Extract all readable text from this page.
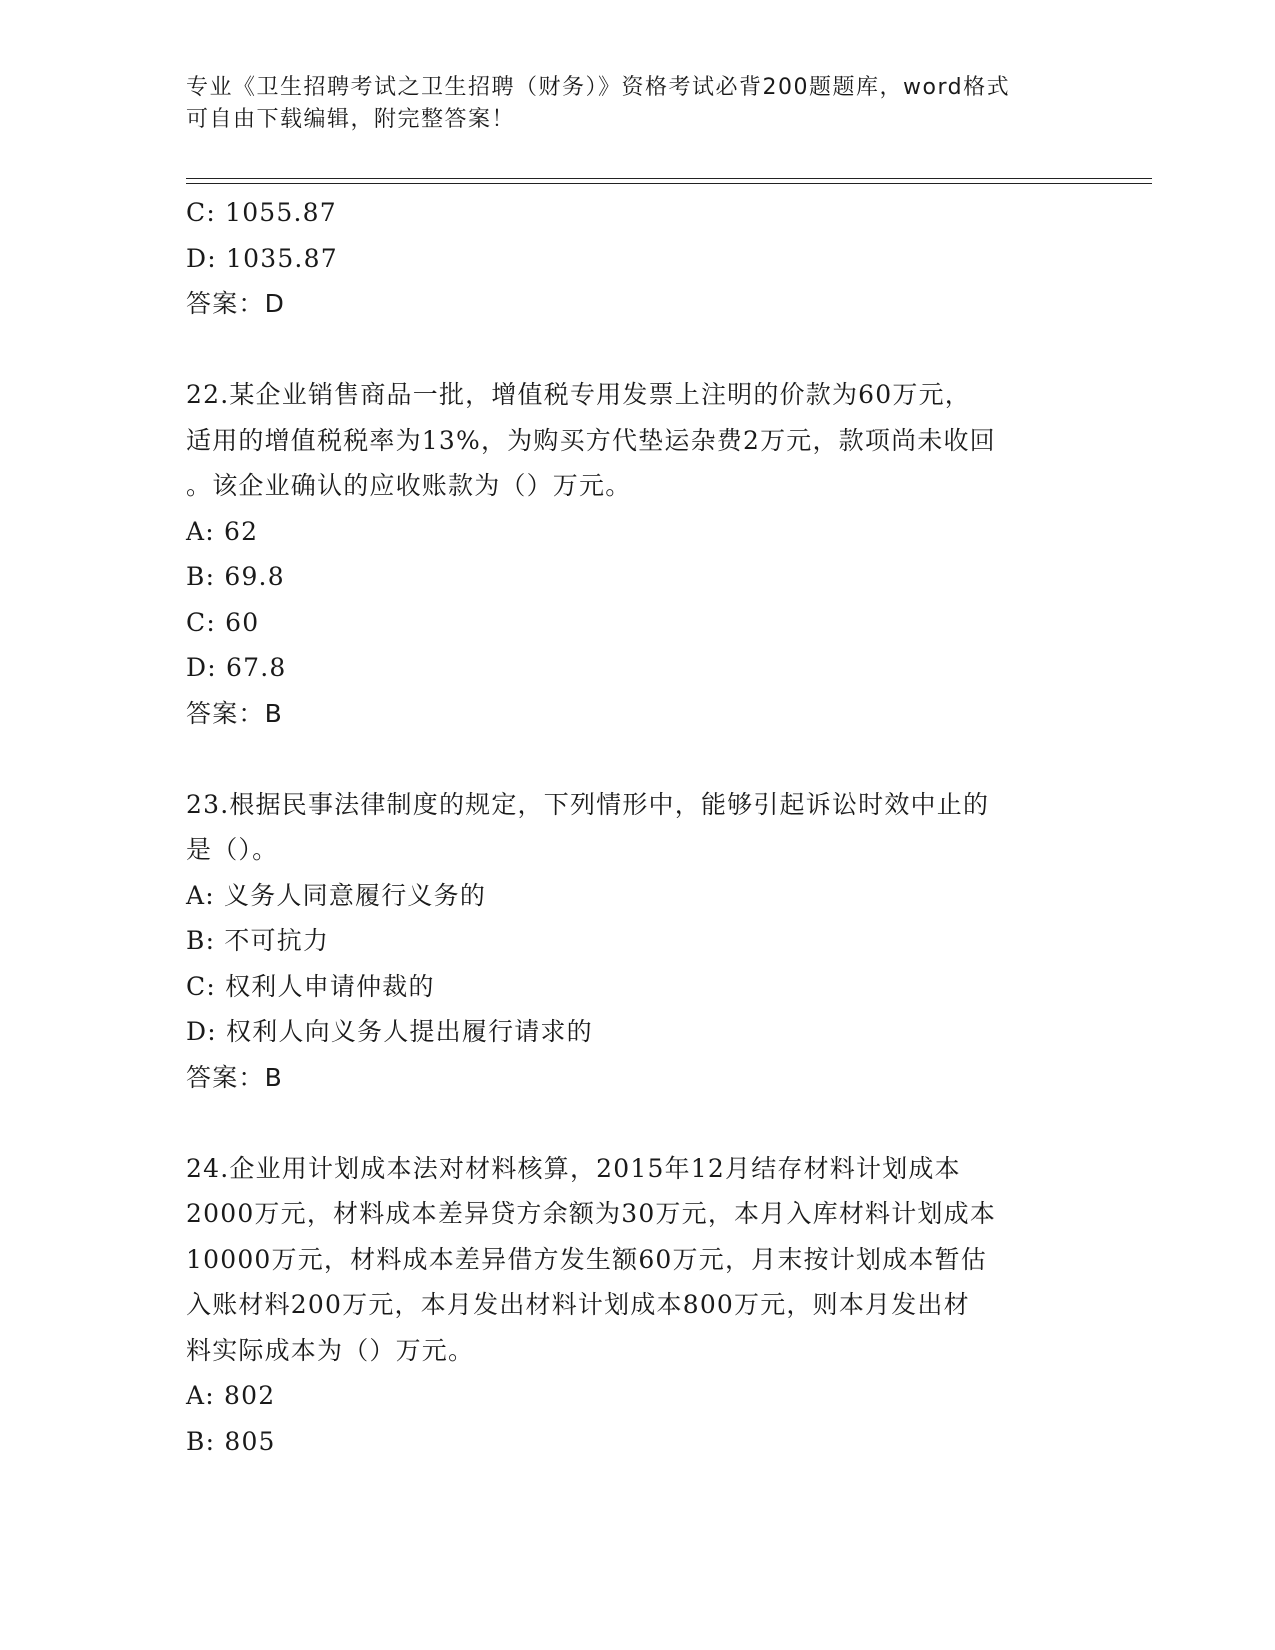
专业《卫生招聘考试之卫生招聘（财务）》资格考试必背200题题库，word格式
可自由下载编辑，附完整答案！
C: 1055.87
D: 1035.87
答案：D
22.某企业销售商品一批，增值税专用发票上注明的价款为60万元，
适用的增值税税率为13%，为购买方代垫运杂费2万元，款项尚未收回
。该企业确认的应收账款为（）万元。
A: 62
B: 69.8
C: 60
D: 67.8
答案：B
23.根据民事法律制度的规定，下列情形中，能够引起诉讼时效中止的
是（）。
A: 义务人同意履行义务的
B: 不可抗力
C: 权利人申请仲裁的
D: 权利人向义务人提出履行请求的
答案：B
24.企业用计划成本法对材料核算，2015年12月结存材料计划成本
2000万元，材料成本差异贷方余额为30万元，本月入库材料计划成本
10000万元，材料成本差异借方发生额60万元，月末按计划成本暂估
入账材料200万元，本月发出材料计划成本800万元，则本月发出材
料实际成本为（）万元。
A: 802
B: 805
